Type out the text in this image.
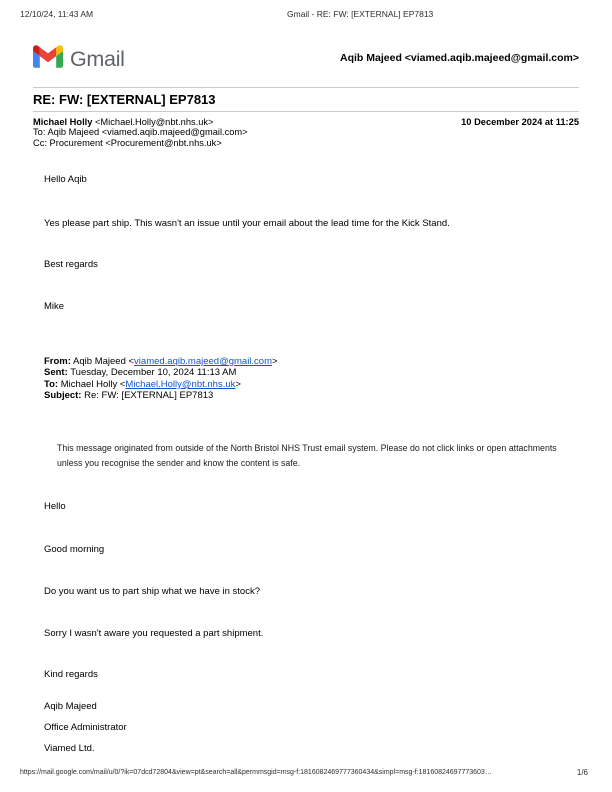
12/10/24, 11:43 AM	Gmail - RE: FW: [EXTERNAL] EP7813
Gmail	Aqib Majeed <viamed.aqib.majeed@gmail.com>
RE: FW: [EXTERNAL] EP7813
Michael Holly <Michael.Holly@nbt.nhs.uk>	10 December 2024 at 11:25
To: Aqib Majeed <viamed.aqib.majeed@gmail.com>
Cc: Procurement <Procurement@nbt.nhs.uk>
Hello Aqib
Yes please part ship. This wasn't an issue until your email about the lead time for the Kick Stand.
Best regards
Mike
From: Aqib Majeed <viamed.aqib.majeed@gmail.com>
Sent: Tuesday, December 10, 2024 11:13 AM
To: Michael Holly <Michael.Holly@nbt.nhs.uk>
Subject: Re: FW: [EXTERNAL] EP7813
This message originated from outside of the North Bristol NHS Trust email system. Please do not click links or open attachments unless you recognise the sender and know the content is safe.
Hello
Good morning
Do you want us to part ship what we have in stock?
Sorry I wasn't aware you requested a part shipment.
Kind regards
Aqib Majeed
Office Administrator
Viamed Ltd.
https://mail.google.com/mail/u/0/?ik=07dcd72804&view=pt&search=all&permmsgid=msg-f:1816082469777360434&simpl=msg-f:18160824697773603…	1/6
